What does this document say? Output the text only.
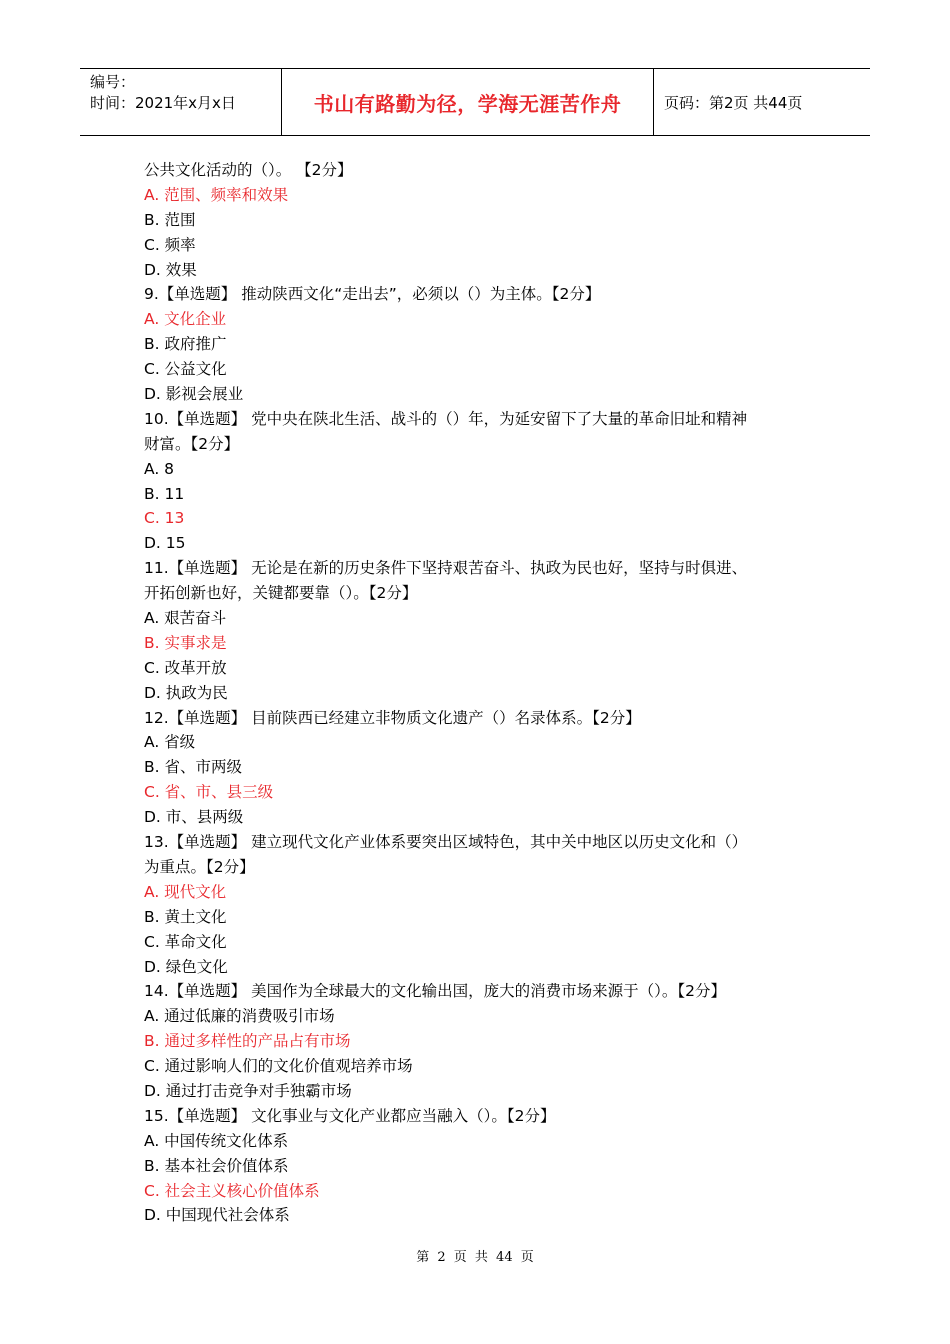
编号：
时间：2021年x月x日	书山有路勤为径，学海无涯苦作舟	页码：第2页 共44页
公共文化活动的（）。 【2分】
A. 范围、频率和效果
B. 范围
C. 频率
D. 效果
9.【单选题】 推动陕西文化“走出去”，必须以（）为主体。【2分】
A. 文化企业
B. 政府推广
C. 公益文化
D. 影视会展业
10.【单选题】 党中央在陕北生活、战斗的（）年，为延安留下了大量的革命旧址和精神
财富。【2分】
A. 8
B. 11
C. 13
D. 15
11.【单选题】 无论是在新的历史条件下坚持艰苦奋斗、执政为民也好，坚持与时俱进、
开拓创新也好，关键都要靠（）。【2分】
A. 艰苦奋斗
B. 实事求是
C. 改革开放
D. 执政为民
12.【单选题】 目前陕西已经建立非物质文化遗产（）名录体系。【2分】
A. 省级
B. 省、市两级
C. 省、市、县三级
D. 市、县两级
13.【单选题】 建立现代文化产业体系要突出区域特色，其中关中地区以历史文化和（）
为重点。【2分】
A. 现代文化
B. 黄土文化
C. 革命文化
D. 绿色文化
14.【单选题】 美国作为全球最大的文化输出国，庞大的消费市场来源于（）。【2分】
A. 通过低廉的消费吸引市场
B. 通过多样性的产品占有市场
C. 通过影响人们的文化价值观培养市场
D. 通过打击竞争对手独霸市场
15.【单选题】 文化事业与文化产业都应当融入（）。【2分】
A. 中国传统文化体系
B. 基本社会价值体系
C. 社会主义核心价值体系
D. 中国现代社会体系
第 2 页 共 44 页
